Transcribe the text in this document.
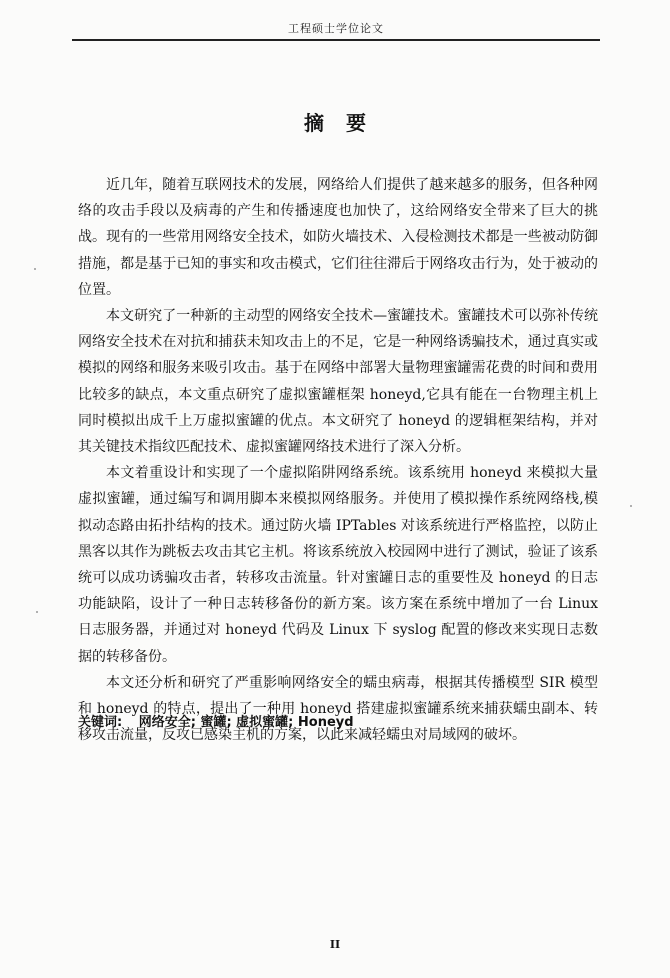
工程硕士学位论文
摘要

近几年，随着互联网技术的发展，网络给人们提供了越来越多的服务，但各种网络的攻击手段以及病毒的产生和传播速度也加快了，这给网络安全带来了巨大的挑战。现有的一些常用网络安全技术，如防火墙技术、入侵检测技术都是一些被动防御措施，都是基于已知的事实和攻击模式，它们往往滞后于网络攻击行为，处于被动的位置。

本文研究了一种新的主动型的网络安全技术—蜜罐技术。蜜罐技术可以弥补传统网络安全技术在对抗和捕获未知攻击上的不足，它是一种网络诱骗技术，通过真实或模拟的网络和服务来吸引攻击。基于在网络中部署大量物理蜜罐需花费的时间和费用比较多的缺点，本文重点研究了虚拟蜜罐框架 honeyd,它具有能在一台物理主机上同时模拟出成千上万虚拟蜜罐的优点。本文研究了 honeyd 的逻辑框架结构，并对其关键技术指纹匹配技术、虚拟蜜罐网络技术进行了深入分析。

本文着重设计和实现了一个虚拟陷阱网络系统。该系统用 honeyd 来模拟大量虚拟蜜罐，通过编写和调用脚本来模拟网络服务。并使用了模拟操作系统网络栈,模拟动态路由拓扑结构的技术。通过防火墙 IPTables 对该系统进行严格监控，以防止黑客以其作为跳板去攻击其它主机。将该系统放入校园网中进行了测试，验证了该系统可以成功诱骗攻击者，转移攻击流量。针对蜜罐日志的重要性及 honeyd 的日志功能缺陷，设计了一种日志转移备份的新方案。该方案在系统中增加了一台 Linux 日志服务器，并通过对 honeyd 代码及 Linux 下 syslog 配置的修改来实现日志数据的转移备份。

本文还分析和研究了严重影响网络安全的蠕虫病毒，根据其传播模型 SIR 模型和 honeyd 的特点，提出了一种用 honeyd 搭建虚拟蜜罐系统来捕获蠕虫副本、转移攻击流量，反攻已感染主机的方案，以此来减轻蠕虫对局域网的破坏。

关键词: 网络安全; 蜜罐; 虚拟蜜罐; Honeyd
II
